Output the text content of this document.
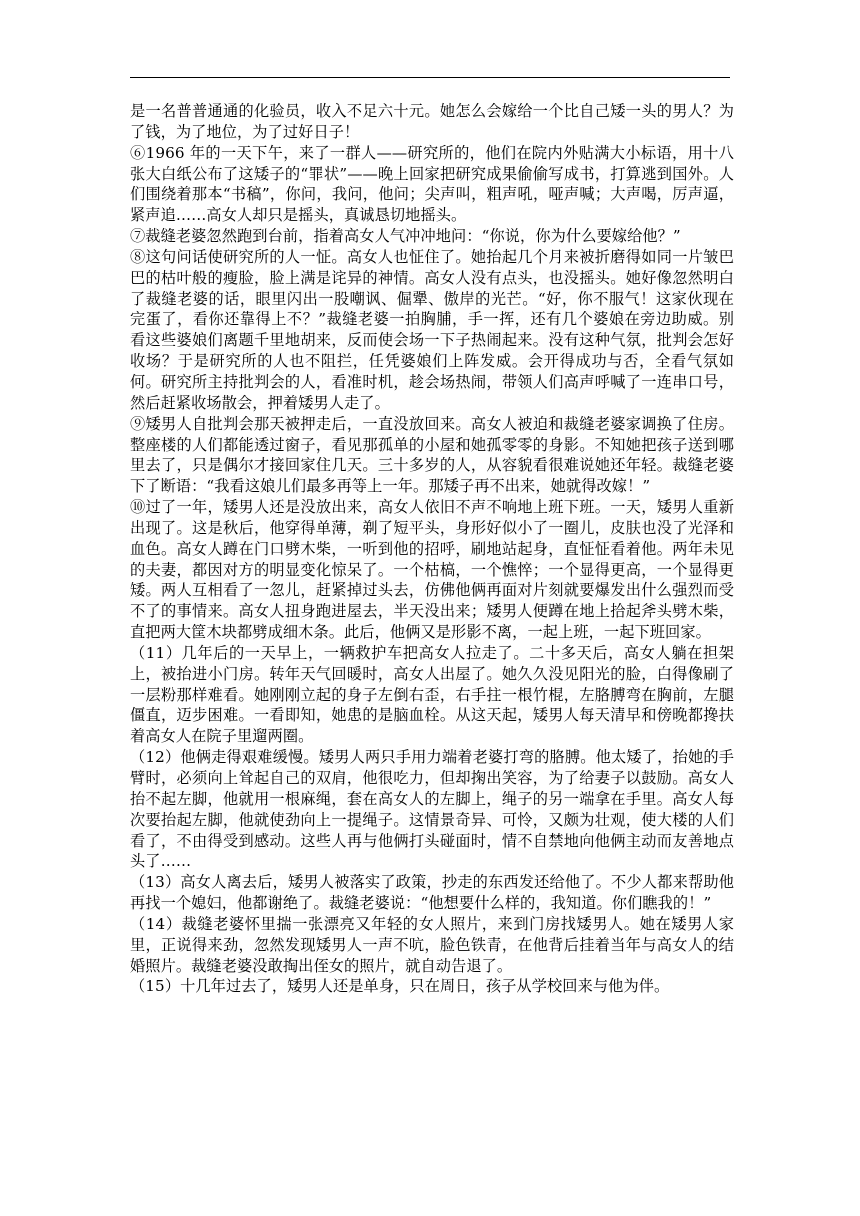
是一名普普通通的化验员，收入不足六十元。她怎么会嫁给一个比自己矮一头的男人？为了钱，为了地位，为了过好日子！

⑥1966 年的一天下午，来了一群人——研究所的，他们在院内外贴满大小标语，用十八张大白纸公布了这矮子的“罪状”——晚上回家把研究成果偷偷写成书，打算逃到国外。人们围绕着那本“书稿”，你问，我问，他问；尖声叫，粗声吼，哑声喊；大声喝，厉声逼，紧声追……高女人却只是摇头，真诚恳切地摇头。

⑦裁缝老婆忽然跑到台前，指着高女人气冲冲地问：“你说，你为什么要嫁给他？”

⑧这句问话使研究所的人一怔。高女人也怔住了。她抬起几个月来被折磨得如同一片皱巴巴的枯叶般的瘦脸，脸上满是诧异的神情。高女人没有点头，也没摇头。她好像忽然明白了裁缝老婆的话，眼里闪出一股嘲讽、倔犟、傲岸的光芒。“好，你不服气！这家伙现在完蛋了，看你还靠得上不？”裁缝老婆一拍胸脯，手一挥，还有几个婆娘在旁边助威。别看这些婆娘们离题千里地胡来，反而使会场一下子热闹起来。没有这种气氛，批判会怎好收场？于是研究所的人也不阻拦，任凭婆娘们上阵发威。会开得成功与否，全看气氛如何。研究所主持批判会的人，看准时机，趁会场热闹，带领人们高声呼喊了一连串口号，然后赶紧收场散会，押着矮男人走了。

⑨矮男人自批判会那天被押走后，一直没放回来。高女人被迫和裁缝老婆家调换了住房。整座楼的人们都能透过窗子，看见那孤单的小屋和她孤零零的身影。不知她把孩子送到哪里去了，只是偶尔才接回家住几天。三十多岁的人，从容貌看很难说她还年轻。裁缝老婆下了断语：“我看这娘儿们最多再等上一年。那矮子再不出来，她就得改嫁！”

⑩过了一年，矮男人还是没放出来，高女人依旧不声不响地上班下班。一天，矮男人重新出现了。这是秋后，他穿得单薄，剃了短平头，身形好似小了一圈儿，皮肤也没了光泽和血色。高女人蹲在门口劈木柴，一听到他的招呼，刷地站起身，直怔怔看着他。两年未见的夫妻，都因对方的明显变化惊呆了。一个枯槁，一个憔悴；一个显得更高，一个显得更矮。两人互相看了一忽儿，赶紧掉过头去，仿佛他俩再面对片刻就要爆发出什么强烈而受不了的事情来。高女人扭身跑进屋去，半天没出来；矮男人便蹲在地上拾起斧头劈木柴，直把两大筐木块都劈成细木条。此后，他俩又是形影不离，一起上班，一起下班回家。

（11）几年后的一天早上，一辆救护车把高女人拉走了。二十多天后，高女人躺在担架上，被抬进小门房。转年天气回暖时，高女人出屋了。她久久没见阳光的脸，白得像刷了一层粉那样难看。她刚刚立起的身子左倒右歪，右手拄一根竹棍，左胳膊弯在胸前，左腿僵直，迈步困难。一看即知，她患的是脑血栓。从这天起，矮男人每天清早和傍晚都搀扶着高女人在院子里遛两圈。

（12）他俩走得艰难缓慢。矮男人两只手用力端着老婆打弯的胳膊。他太矮了，抬她的手臂时，必须向上耸起自己的双肩，他很吃力，但却掬出笑容，为了给妻子以鼓励。高女人抬不起左脚，他就用一根麻绳，套在高女人的左脚上，绳子的另一端拿在手里。高女人每次要抬起左脚，他就使劲向上一提绳子。这情景奇异、可怜，又颇为壮观，使大楼的人们看了，不由得受到感动。这些人再与他俩打头碰面时，情不自禁地向他俩主动而友善地点头了……

（13）高女人离去后，矮男人被落实了政策，抄走的东西发还给他了。不少人都来帮助他再找一个媳妇，他都谢绝了。裁缝老婆说：“他想要什么样的，我知道。你们瞧我的！”

（14）裁缝老婆怀里揣一张漂亮又年轻的女人照片，来到门房找矮男人。她在矮男人家里，正说得来劲，忽然发现矮男人一声不吭，脸色铁青，在他背后挂着当年与高女人的结婚照片。裁缝老婆没敢掏出侄女的照片，就自动告退了。

（15）十几年过去了，矮男人还是单身，只在周日，孩子从学校回来与他为伴。
